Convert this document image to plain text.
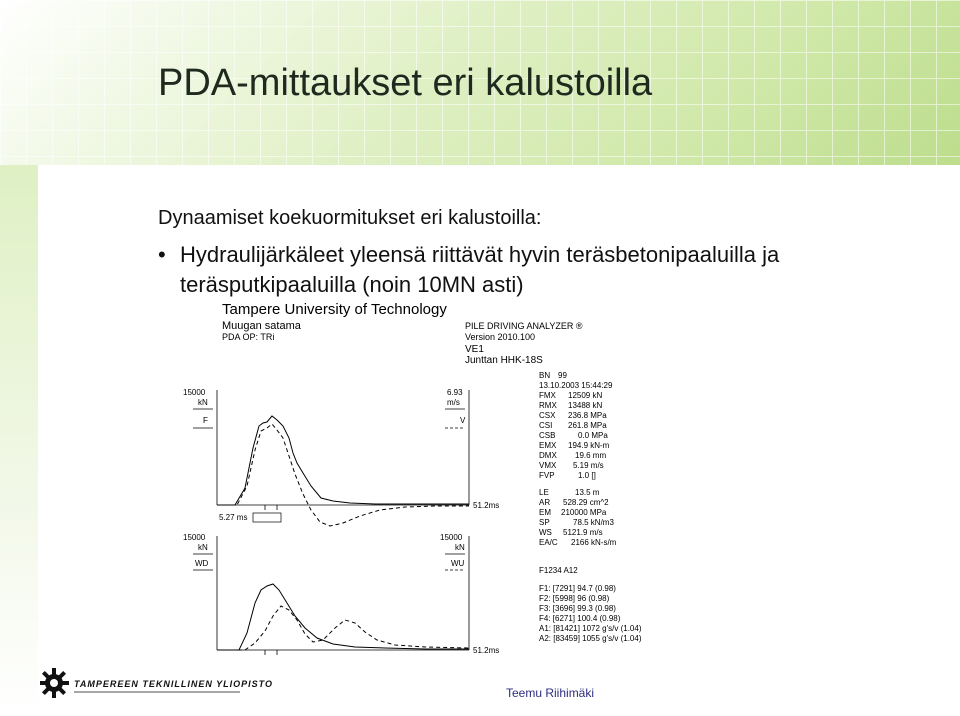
PDA-mittaukset eri kalustoilla
Dynaamiset koekuormitukset eri kalustoilla:
• Hydraulijärkäleet yleensä riittävät hyvin teräsbetonipaaluilla ja teräsputkipaaluilla (noin 10MN asti)
Tampere University of Technology
Muugan satama
PDA OP: TRi
PILE DRIVING ANALYZER ®
Version 2010.100
VE1
Junttan HHK-18S
15000
kN
F
6.93
m/s
V
5.27 ms
51.2ms
15000
kN
WD
15000
kN
WU
51.2ms
BN 99
13.10.2003 15:44:29
FMX 12509 kN
RMX 13488 kN
CSX 236.8 MPa
CSI 261.8 MPa
CSB	0.0 MPa
EMX 194.9 kN-m
DMX 19.6 mm
VMX 5.19 m/s
FVP	1.0 []
LE	13.5 m
AR 528.29 cm^2
EM 210000 MPa
SP	78.5 kN/m3
WS 5121.9 m/s
EA/C 2166 kN-s/m
F1234 A12
F1: [7291] 94.7 (0.98)
F2: [5998] 96 (0.98)
F3: [3696] 99.3 (0.98)
F4: [6271] 100.4 (0.98)
A1: [81421] 1072 g's/v (1.04)
A2: [83459] 1055 g's/v (1.04)
TAMPEREEN TEKNILLINEN YLIOPISTO
Teemu Riihimäki
